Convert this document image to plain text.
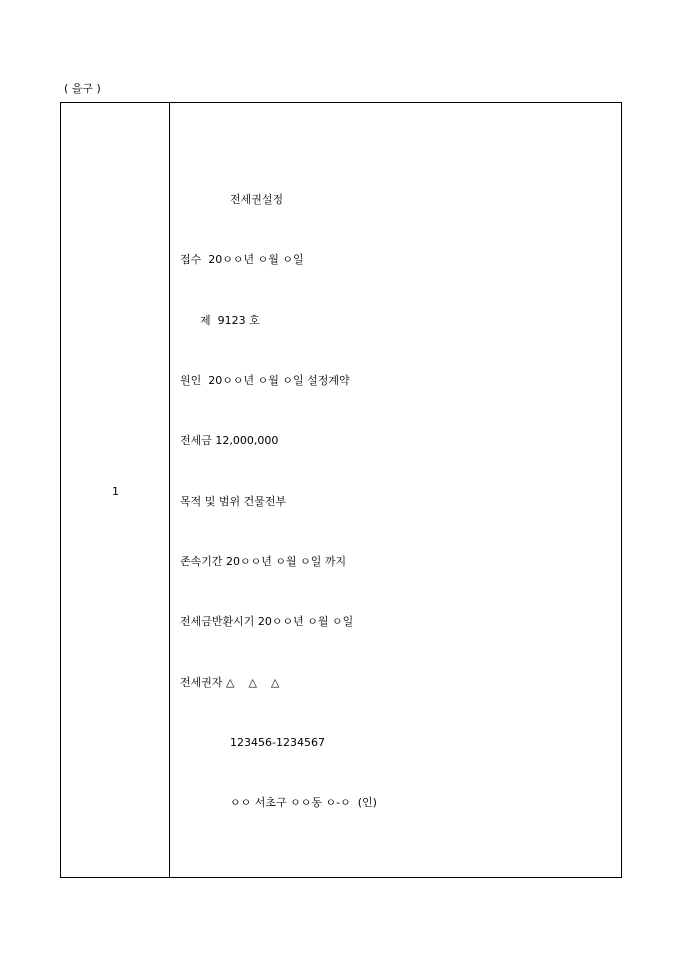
( 을구 )
1
전세권설정
접수  20ㅇㅇ년 ㅇ월 ㅇ일
제  9123 호
원인  20ㅇㅇ년 ㅇ월 ㅇ일 설정계약
전세금 12,000,000
목적 및 범위 건물전부
존속기간 20ㅇㅇ년 ㅇ월 ㅇ일 까지
전세금반환시기 20ㅇㅇ년 ㅇ월 ㅇ일
전세권자 △    △    △
123456-1234567
ㅇㅇ 서초구 ㅇㅇ동 ㅇ-ㅇ  (인)
